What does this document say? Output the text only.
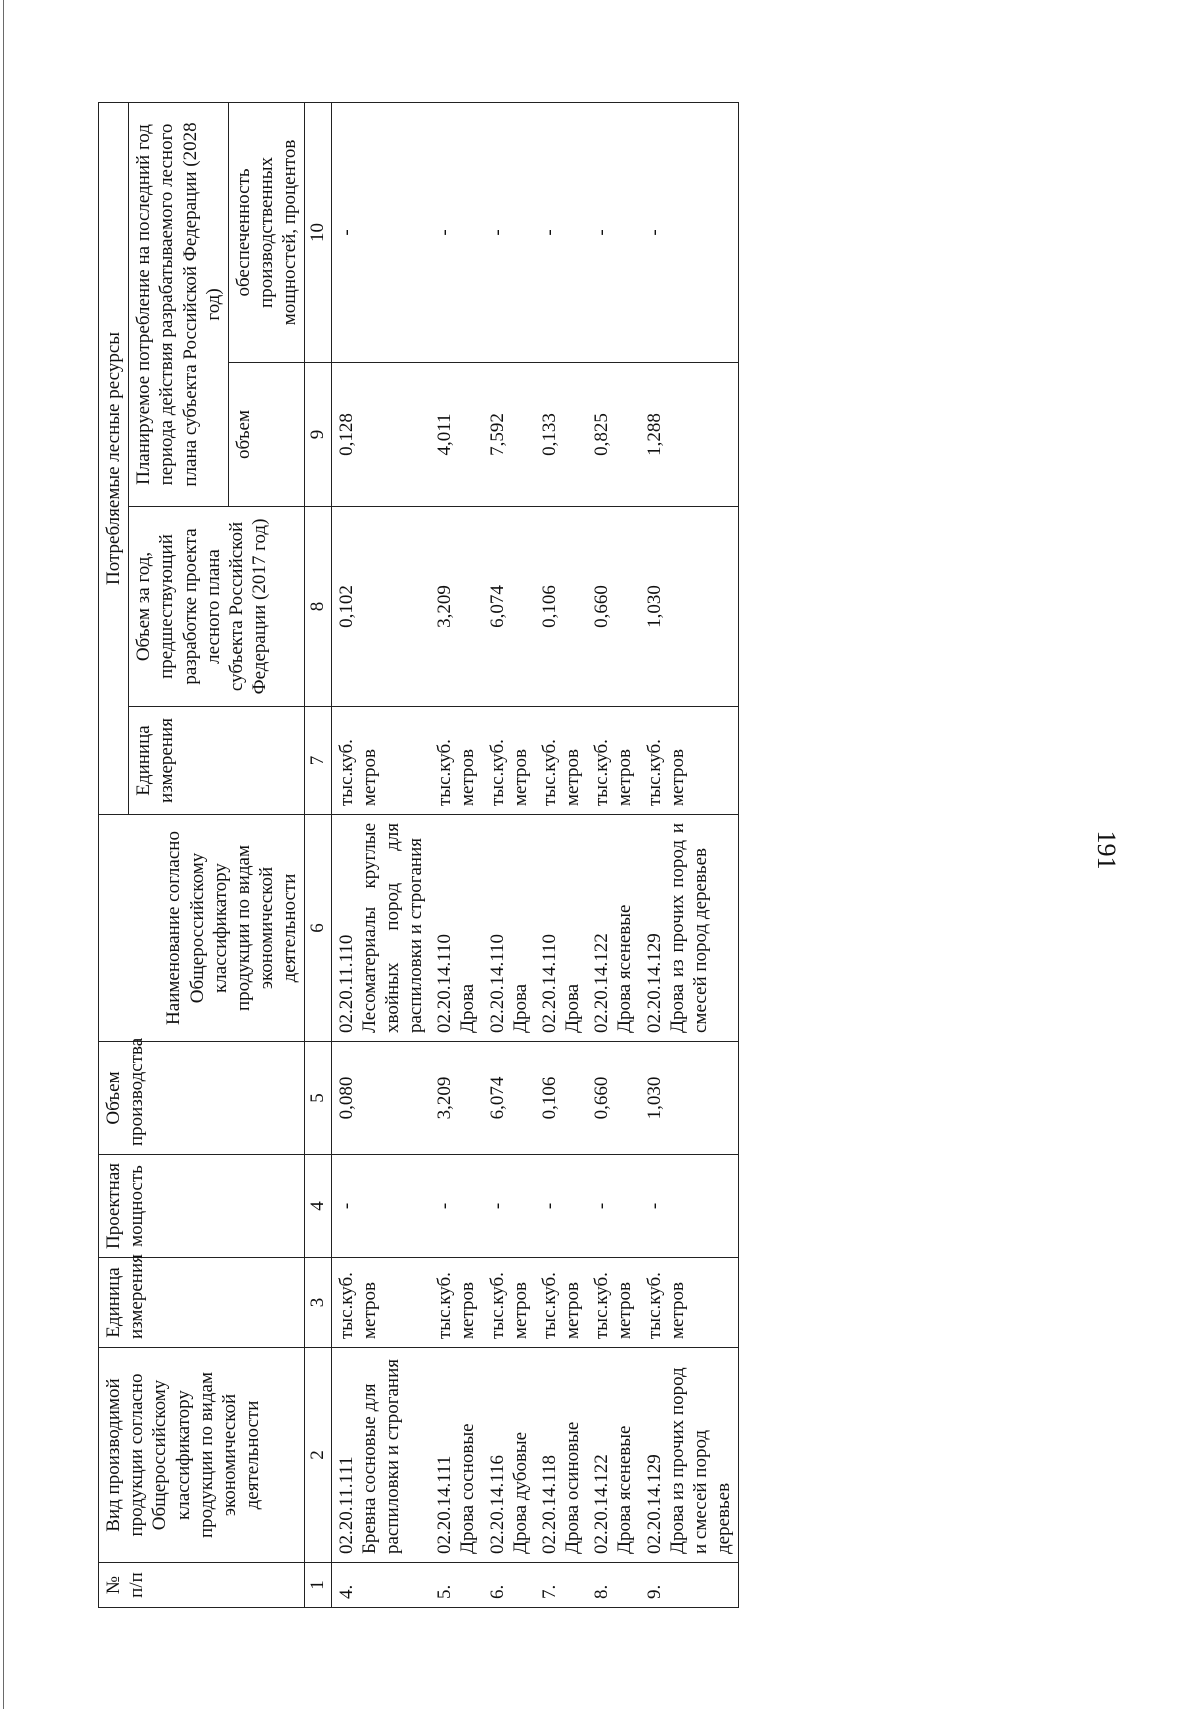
191
№ п/п	Вид производимой продукции согласно Общероссийскому классификатору продукции по видам экономической деятельности	Единица измерения	Проектная мощность	Объем производства	Наименование согласно Общероссийскому классификатору продукции по видам экономической деятельности	Потребляемые лесные ресурсы			
						Единица измерения	Объем за год, предшествующий разработке проекта лесного плана субъекта Российской Федерации (2017 год)	Планируемое потребление на последний год периода действия разрабатываемого лесного плана субъекта Российской Федерации (2028 год)	
								объем	обеспеченность производственных мощностей, процентов
1	2	3	4	5	6	7	8	9	10
4.	02.20.11.111 Бревна сосновые для распиловки и строгания	тыс.куб. метров	-	0,080	02.20.11.110 Лесоматериалы круглые хвойных пород для распиловки и строгания	тыс.куб. метров	0,102	0,128	-
5.	02.20.14.111 Дрова сосновые	тыс.куб. метров	-	3,209	02.20.14.110 Дрова	тыс.куб. метров	3,209	4,011	-
6.	02.20.14.116 Дрова дубовые	тыс.куб. метров	-	6,074	02.20.14.110 Дрова	тыс.куб. метров	6,074	7,592	-
7.	02.20.14.118 Дрова осиновые	тыс.куб. метров	-	0,106	02.20.14.110 Дрова	тыс.куб. метров	0,106	0,133	-
8.	02.20.14.122 Дрова ясеневые	тыс.куб. метров	-	0,660	02.20.14.122 Дрова ясеневые	тыс.куб. метров	0,660	0,825	-
9.	02.20.14.129 Дрова из прочих пород и смесей пород деревьев	тыс.куб. метров	-	1,030	02.20.14.129 Дрова из прочих пород и смесей пород деревьев	тыс.куб. метров	1,030	1,288	-
